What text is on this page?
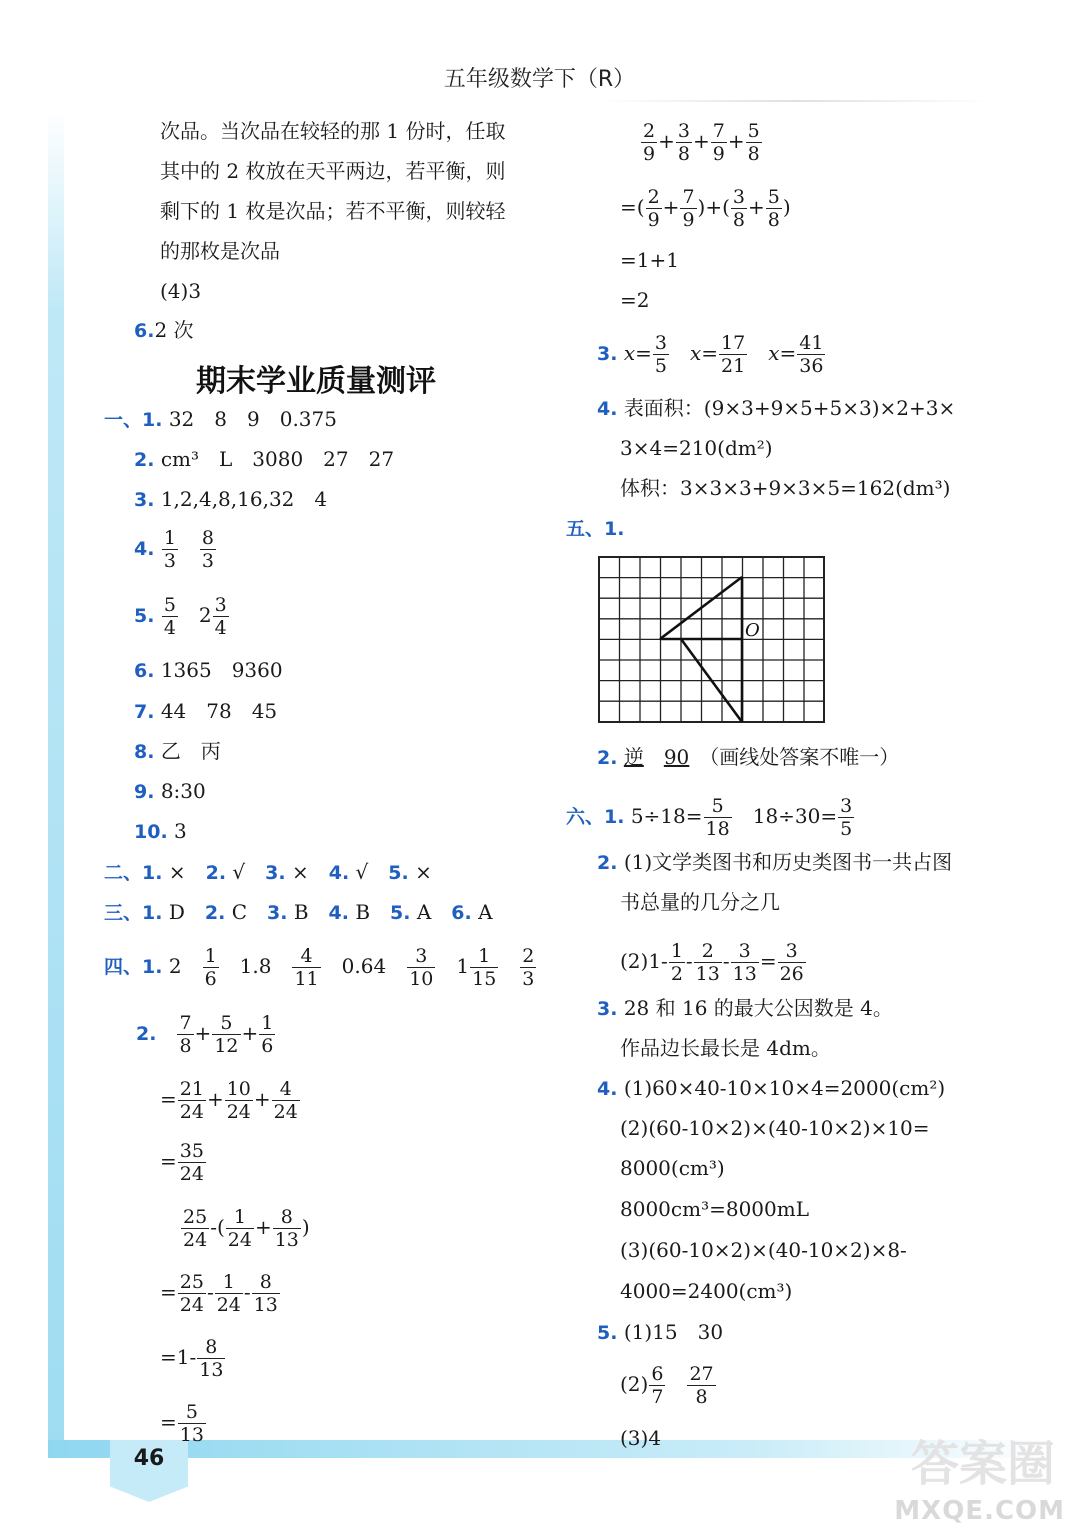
46
五年级数学下（R）
次品。当次品在较轻的那 1 份时，任取
其中的 2 枚放在天平两边，若平衡，则
剩下的 1 枚是次品；若不平衡，则较轻
的那枚是次品
(4)3
6.2 次
期末学业质量测评
一、1. 32　8　9　0.375
2. cm³　L　3080　27　27
3. 1,2,4,8,16,32　4
4. $\frac{1}{3}$
　 $\frac{8}{3}$
5. $\frac{5}{4}$
　 $2 \frac{3}{4}$
6. 1365　9360
7. 44　78　45
8. 乙　丙
9. 8:30
10. 3
二、1. ×　 2. √　 3. ×　 4. √　 5. ×
三、1. D　 2. C　 3. B　 4. B　 5. A　 6. A
四、1. 2　 $\frac{1}{6}$
　 1.8　 $\frac{4}{11}$
　 0.64　 $\frac{3}{10}$
　 $1 \frac{1}{15}$
　 $\frac{2}{3}$
2.　 $\frac{7}{8} + \frac{5}{12} + \frac{1}{6}$
= $\frac{21}{24} + \frac{10}{24} + \frac{4}{24}$
= $\frac{35}{24}$
$\frac{25}{24}$ -( $\frac{1}{24} + \frac{8}{13}$ )
= $\frac{25}{24} - \frac{1}{24} - \frac{8}{13}$
$=1- \frac{8}{13}$
= $\frac{5}{13}$
$\frac{2}{9} + \frac{3}{8} + \frac{7}{9} + \frac{5}{8}$
=( $\frac{2}{9} + \frac{7}{9}$ )+( $\frac{3}{8} + \frac{5}{8}$ )
=1+1
=2
3. $x= \frac{3}{5}$
　 $x= \frac{17}{21}$
　 $x= \frac{41}{36}$
4. 表面积：(9×3+9×5+5×3)×2+3×
3×4=210(dm²)
体积：3×3×3+9×3×5=162(dm³)
五、1.
O
2. 逆　 90　 （画线处答案不唯一）
六、1. $5\div 18= \frac{5}{18}$
　 $18\div 30= \frac{3}{5}$
2. (1)文学类图书和历史类图书一共占图
书总量的几分之几
$(2)1- \frac{1}{2} - \frac{2}{13} - \frac{3}{13} = \frac{3}{26}$
3. 28 和 16 的最大公因数是 4。
作品边长最长是 4dm。
4. (1)60×40-10×10×4=2000(cm²)
(2)(60-10×2)×(40-10×2)×10=
8000(cm³)
8000cm³=8000mL
(3)(60-10×2)×(40-10×2)×8-
4000=2400(cm³)
5. (1)15　30
$(2) \frac{6}{7}$
　 $\frac{27}{8}$
(3)4	答案圈
MXQE.COM
